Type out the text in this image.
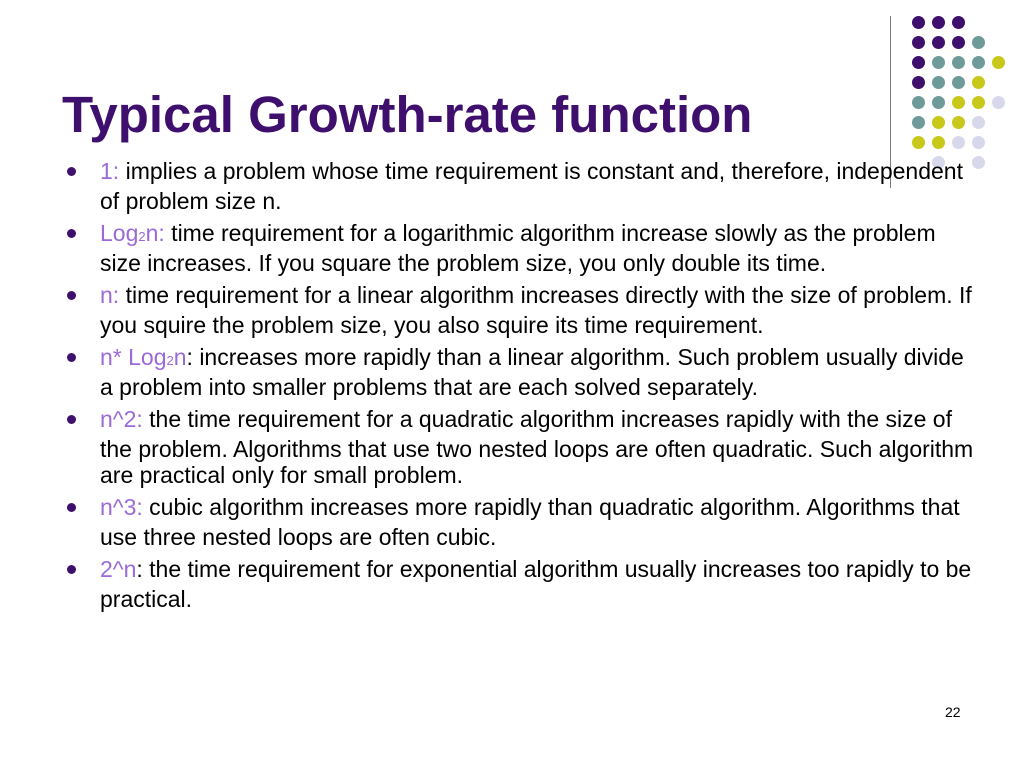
Typical Growth-rate function
1: implies a problem whose time requirement is constant and, therefore, independent of problem size n.
Log2n: time requirement for a logarithmic algorithm increase slowly as the problem size increases. If you square the problem size, you only double its time.
n: time requirement for a linear algorithm increases directly with the size of problem. If you squire the problem size, you also squire its time requirement.
n* Log2n: increases more rapidly than a linear algorithm. Such problem usually divide a problem into smaller problems that are each solved separately.
n^2: the time requirement for a quadratic algorithm increases rapidly with the size of the problem. Algorithms that use two nested loops are often quadratic. Such algorithm are practical only for small problem.
n^3: cubic algorithm increases more rapidly than quadratic algorithm. Algorithms that use three nested loops are often cubic.
2^n: the time requirement for exponential algorithm usually increases too rapidly to be practical.
22
